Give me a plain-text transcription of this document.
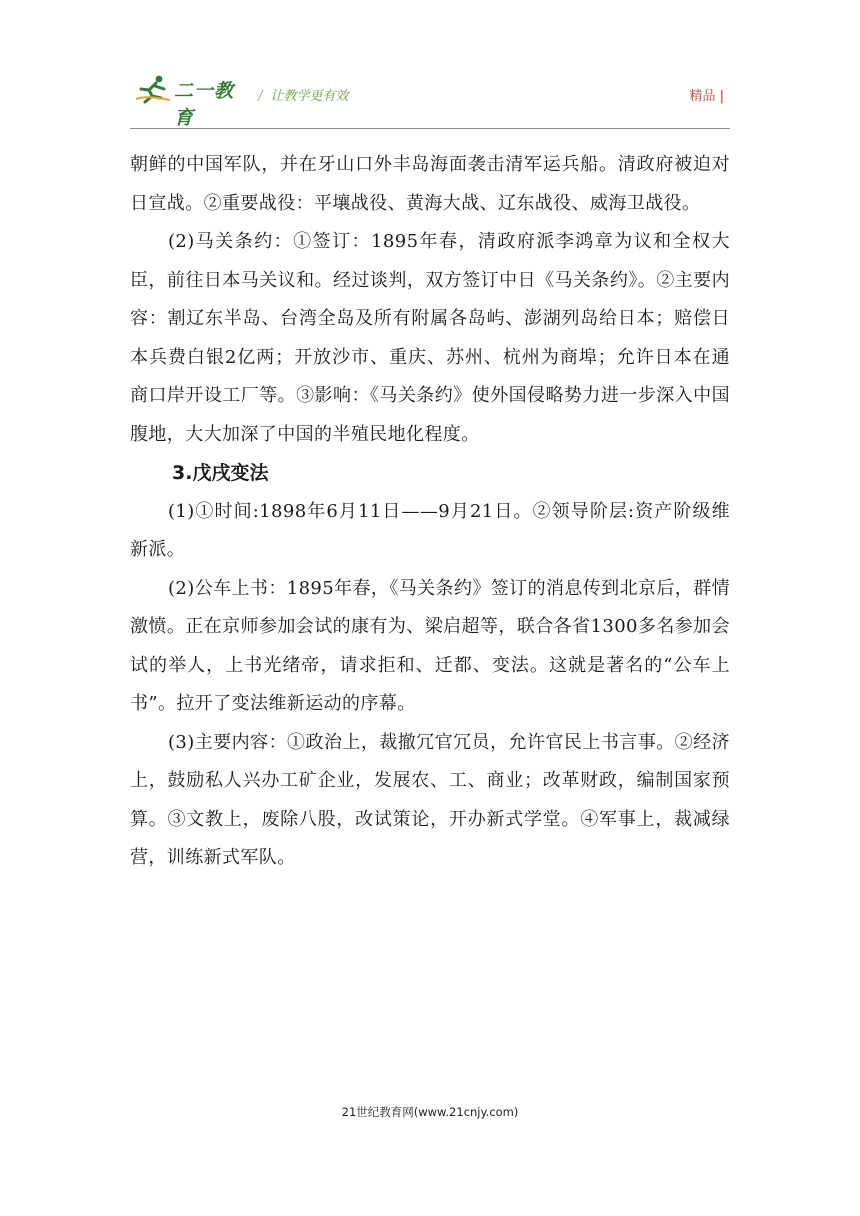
二一教育
/ 让教学更有效	精品 |

朝鲜的中国军队，并在牙山口外丰岛海面袭击清军运兵船。清政府被迫对日宣战。②重要战役：平壤战役、黄海大战、辽东战役、威海卫战役。

(2)马关条约：①签订：1895年春，清政府派李鸿章为议和全权大臣，前往日本马关议和。经过谈判，双方签订中日《马关条约》。②主要内容：割辽东半岛、台湾全岛及所有附属各岛屿、澎湖列岛给日本；赔偿日本兵费白银2亿两；开放沙市、重庆、苏州、杭州为商埠；允许日本在通商口岸开设工厂等。③影响：《马关条约》使外国侵略势力进一步深入中国腹地，大大加深了中国的半殖民地化程度。

3.戊戌变法

(1)①时间:1898年6月11日——9月21日。②领导阶层:资产阶级维新派。

(2)公车上书：1895年春，《马关条约》签订的消息传到北京后，群情激愤。正在京师参加会试的康有为、梁启超等，联合各省1300多名参加会试的举人，上书光绪帝，请求拒和、迁都、变法。这就是著名的“公车上书”。拉开了变法维新运动的序幕。

(3)主要内容：①政治上，裁撤冗官冗员，允许官民上书言事。②经济上，鼓励私人兴办工矿企业，发展农、工、商业；改革财政，编制国家预算。③文教上，废除八股，改试策论，开办新式学堂。④军事上，裁减绿营，训练新式军队。

21世纪教育网(www.21cnjy.com)
